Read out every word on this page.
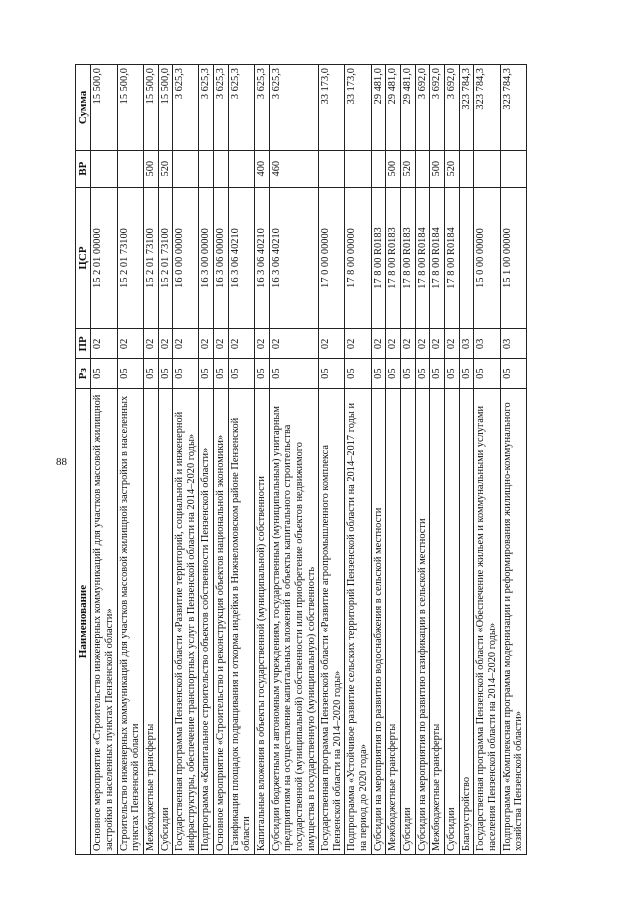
88
Наименование	Рз	ПР	ЦСР	ВР	Сумма
Основное мероприятие «Строительство инженерных коммуникаций для участков массовой жилищной застройки в населенных пунктах Пензенской области»	05	02	15 2 01 00000		15 500,0
Строительство инженерных коммуникаций для участков массовой жилищной застройки в населенных пунктах Пензенской области	05	02	15 2 01 73100		15 500,0
Межбюджетные трансферты	05	02	15 2 01 73100	500	15 500,0
Субсидии	05	02	15 2 01 73100	520	15 500,0
Государственная программа Пензенской области «Развитие территорий, социальной и инженерной инфраструктуры, обеспечение транспортных услуг в Пензенской области на 2014–2020 годы»	05	02	16 0 00 00000		3 625,3
Подпрограмма «Капитальное строительство объектов собственности Пензенской области»	05	02	16 3 00 00000		3 625,3
Основное мероприятие «Строительство и реконструкция объектов национальной экономики»	05	02	16 3 06 00000		3 625,3
Газификация площадок подращивания и откорма индейки в Нижнеломовском районе Пензенской области	05	02	16 3 06 40210		3 625,3
Капитальные вложения в объекты государственной (муниципальной) собственности	05	02	16 3 06 40210	400	3 625,3
Субсидии бюджетным и автономным учреждениям, государственным (муниципальным) унитарным предприятиям на осуществление капитальных вложений в объекты капитального строительства государственной (муниципальной) собственности или приобретение объектов недвижимого имущества в государственную (муниципальную) собственность	05	02	16 3 06 40210	460	3 625,3
Государственная программа Пензенской области «Развитие агропромышленного комплекса Пензенской области на 2014–2020 годы»	05	02	17 0 00 00000		33 173,0
Подпрограмма «Устойчивое развитие сельских территорий Пензенской области на 2014–2017 годы и на период до 2020 года»	05	02	17 8 00 00000		33 173,0
Субсидии на мероприятия по развитию водоснабжения в сельской местности	05	02	17 8 00 R0183		29 481,0
Межбюджетные трансферты	05	02	17 8 00 R0183	500	29 481,0
Субсидии	05	02	17 8 00 R0183	520	29 481,0
Субсидии на мероприятия по развитию газификации в сельской местности	05	02	17 8 00 R0184		3 692,0
Межбюджетные трансферты	05	02	17 8 00 R0184	500	3 692,0
Субсидии	05	02	17 8 00 R0184	520	3 692,0
Благоустройство	05	03			323 784,3
Государственная программа Пензенской области «Обеспечение жильем и коммунальными услугами населения Пензенской области на 2014–2020 годы»	05	03	15 0 00 00000		323 784,3
Подпрограмма «Комплексная программа модернизации и реформирования жилищно-коммунального хозяйства Пензенской области»	05	03	15 1 00 00000		323 784,3
